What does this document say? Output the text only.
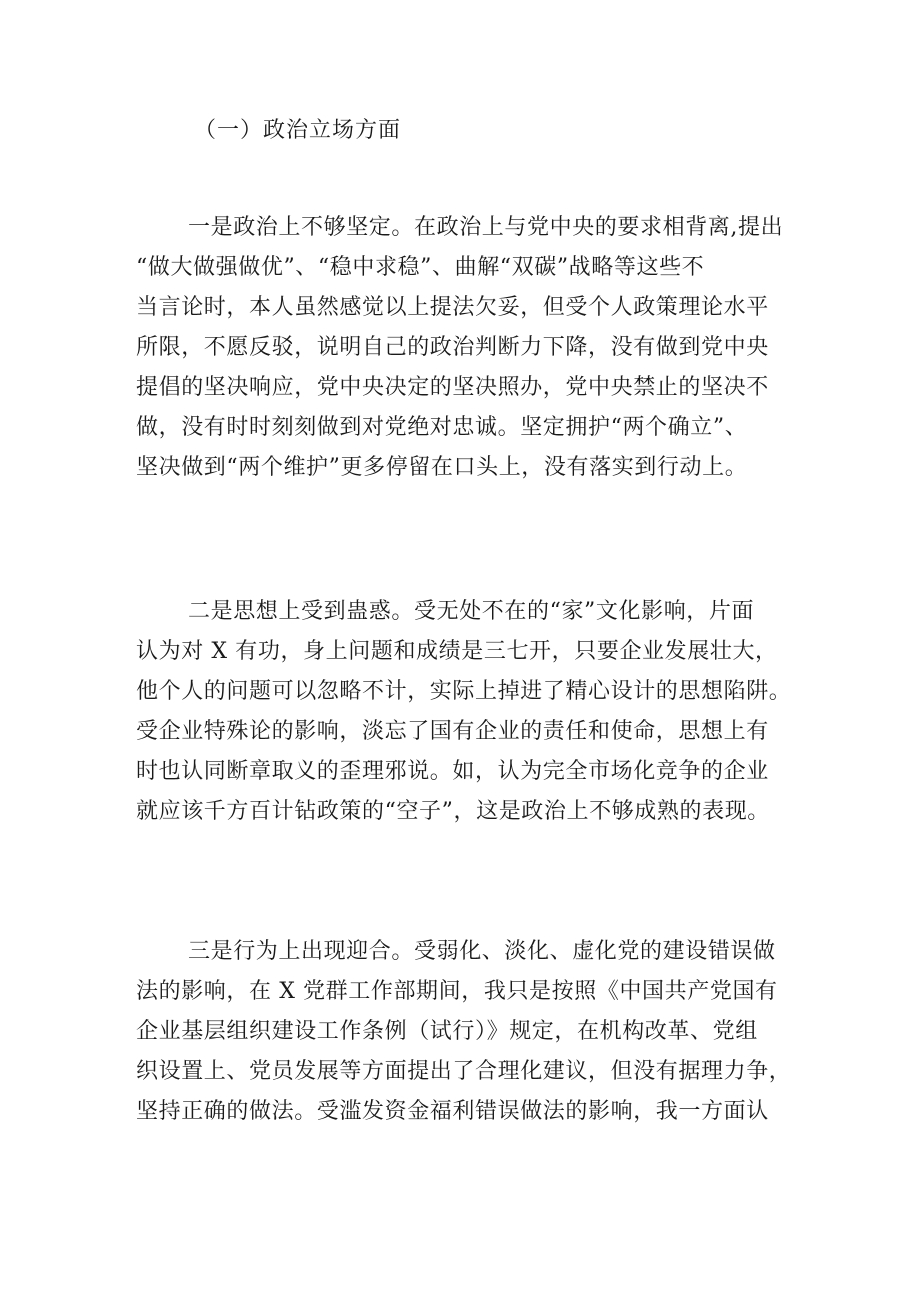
（一）政治立场方面
一是政治上不够坚定。在政治上与党中央的要求相背离,提出
“做大做强做优”、“稳中求稳”、曲解“双碳”战略等这些不
当言论时，本人虽然感觉以上提法欠妥，但受个人政策理论水平
所限，不愿反驳，说明自己的政治判断力下降，没有做到党中央
提倡的坚决响应，党中央决定的坚决照办，党中央禁止的坚决不
做，没有时时刻刻做到对党绝对忠诚。坚定拥护“两个确立”、
坚决做到“两个维护”更多停留在口头上，没有落实到行动上。
二是思想上受到蛊惑。受无处不在的“家”文化影响，片面
认为对 X 有功，身上问题和成绩是三七开，只要企业发展壮大，
他个人的问题可以忽略不计，实际上掉进了精心设计的思想陷阱。
受企业特殊论的影响，淡忘了国有企业的责任和使命，思想上有
时也认同断章取义的歪理邪说。如，认为完全市场化竞争的企业
就应该千方百计钻政策的“空子”，这是政治上不够成熟的表现。
三是行为上出现迎合。受弱化、淡化、虚化党的建设错误做
法的影响，在 X 党群工作部期间，我只是按照《中国共产党国有
企业基层组织建设工作条例（试行）》规定，在机构改革、党组
织设置上、党员发展等方面提出了合理化建议，但没有据理力争，
坚持正确的做法。受滥发资金福利错误做法的影响，我一方面认
